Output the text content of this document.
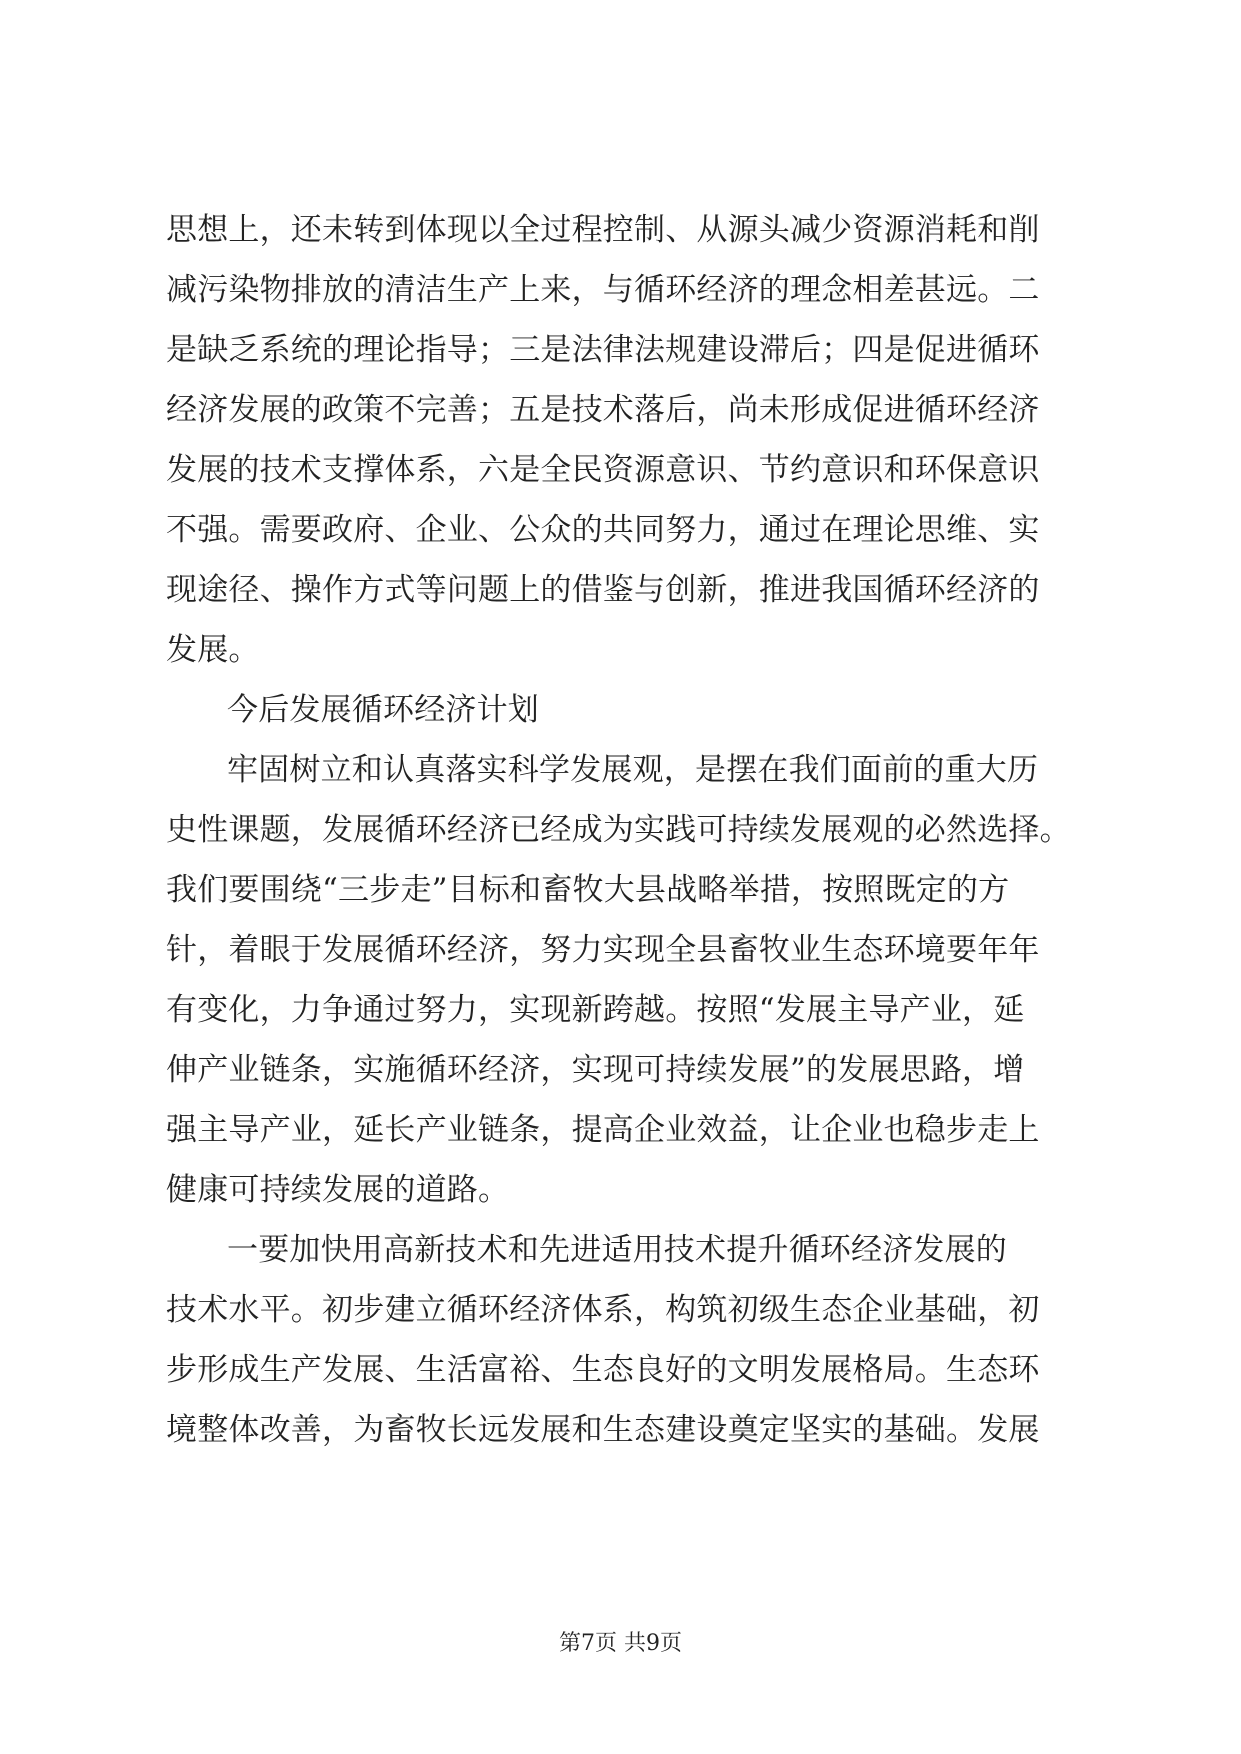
思想上，还未转到体现以全过程控制、从源头减少资源消耗和削
减污染物排放的清洁生产上来，与循环经济的理念相差甚远。二
是缺乏系统的理论指导；三是法律法规建设滞后；四是促进循环
经济发展的政策不完善；五是技术落后，尚未形成促进循环经济
发展的技术支撑体系，六是全民资源意识、节约意识和环保意识
不强。需要政府、企业、公众的共同努力，通过在理论思维、实
现途径、操作方式等问题上的借鉴与创新，推进我国循环经济的
发展。
今后发展循环经济计划
牢固树立和认真落实科学发展观，是摆在我们面前的重大历
史性课题，发展循环经济已经成为实践可持续发展观的必然选择。
我们要围绕“三步走”目标和畜牧大县战略举措，按照既定的方
针，着眼于发展循环经济，努力实现全县畜牧业生态环境要年年
有变化，力争通过努力，实现新跨越。按照“发展主导产业，延
伸产业链条，实施循环经济，实现可持续发展”的发展思路，增
强主导产业，延长产业链条，提高企业效益，让企业也稳步走上
健康可持续发展的道路。
一要加快用高新技术和先进适用技术提升循环经济发展的
技术水平。初步建立循环经济体系，构筑初级生态企业基础，初
步形成生产发展、生活富裕、生态良好的文明发展格局。生态环
境整体改善，为畜牧长远发展和生态建设奠定坚实的基础。发展
第7页 共9页
